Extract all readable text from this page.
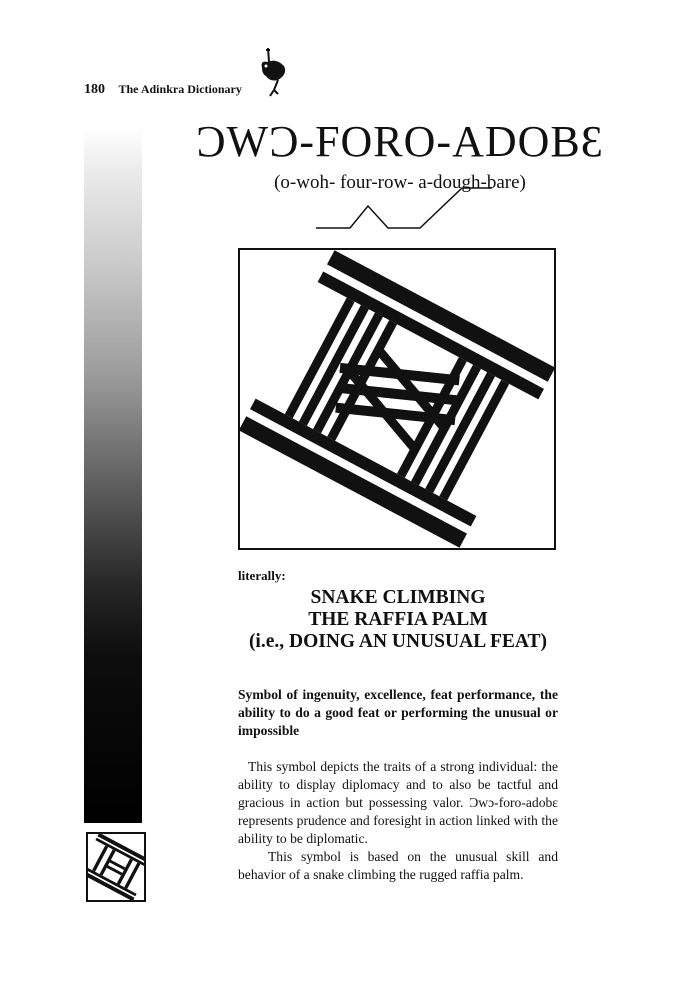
180 The Adinkra Dictionary
ƆWƆ-FORO-ADOBƐ
(o-woh- four-row- a-dough-bare)
literally:
SNAKE CLIMBING
THE RAFFIA PALM
(i.e., DOING AN UNUSUAL FEAT)
Symbol of ingenuity, excellence, feat performance, the ability to do a good feat or performing the unusual or impossible

This symbol depicts the traits of a strong individual: the ability to display diplomacy and to also be tactful and gracious in action but possessing valor. Ɔwɔ-foro-adobɛ represents prudence and foresight in action linked with the ability to be diplomatic.

This symbol is based on the unusual skill and behavior of a snake climbing the rugged raffia palm.
